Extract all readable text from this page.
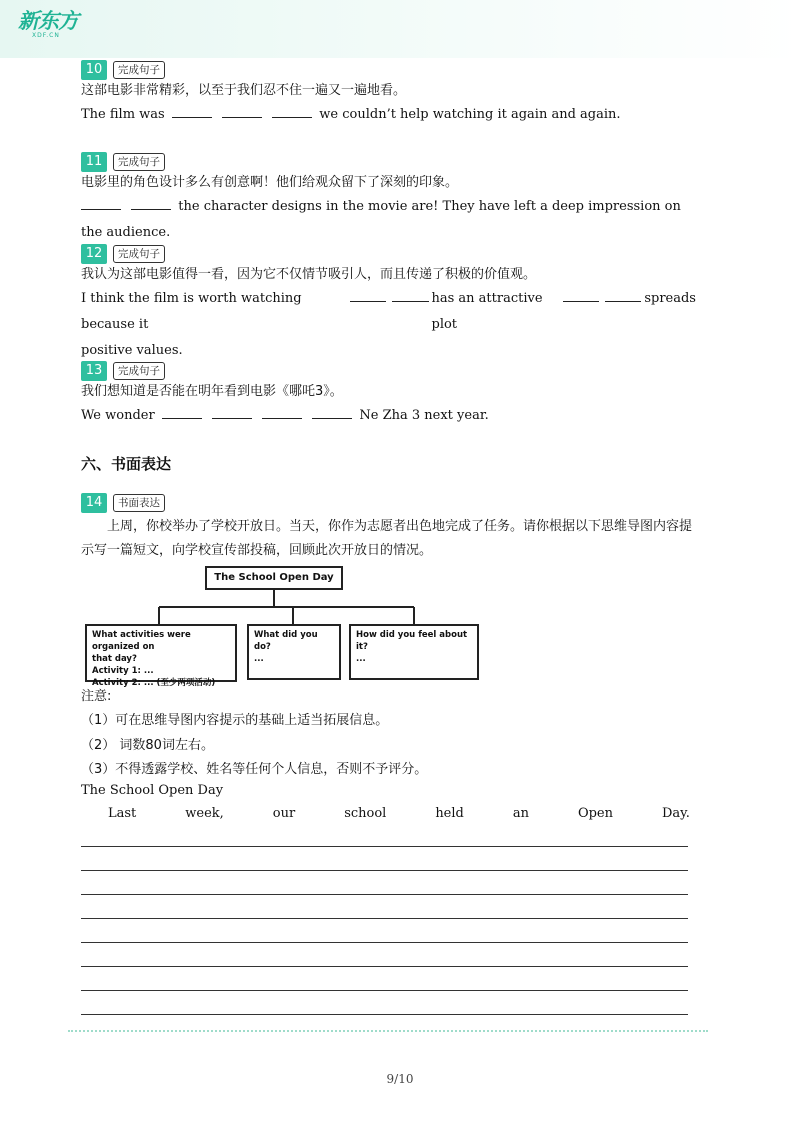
新东方
XDF.CN
10	完成句子
这部电影非常精彩，以至于我们忍不住一遍又一遍地看。
The film was	we couldn’t help watching it again and again.
11	完成句子
电影里的角色设计多么有创意啊！他们给观众留下了深刻的印象。
the character designs in the movie are! They have left a deep impression on the audience.
12	完成句子
我认为这部电影值得一看，因为它不仅情节吸引人，而且传递了积极的价值观。
I think the film is worth watching because it
has an attractive plot
spreads
positive values.
13	完成句子
我们想知道是否能在明年看到电影《哪吒3》。
We wonder	Ne Zha 3 next year.
六、书面表达
14	书面表达
上周，你校举办了学校开放日。当天，你作为志愿者出色地完成了任务。请你根据以下思维导图内容提示写一篇短文，向学校宣传部投稿，回顾此次开放日的情况。
The School Open Day
What activities were organized on
that day?
Activity 1: ...
Activity 2: ... (至少两项活动)
What did you do?
...
How did you feel about it?
...
注意:
（1）可在思维导图内容提示的基础上适当拓展信息。
（2） 词数80词左右。
（3）不得透露学校、姓名等任何个人信息，否则不予评分。
The School Open Day
Last	week,	our	school	held	an	Open	Day.
9/10
